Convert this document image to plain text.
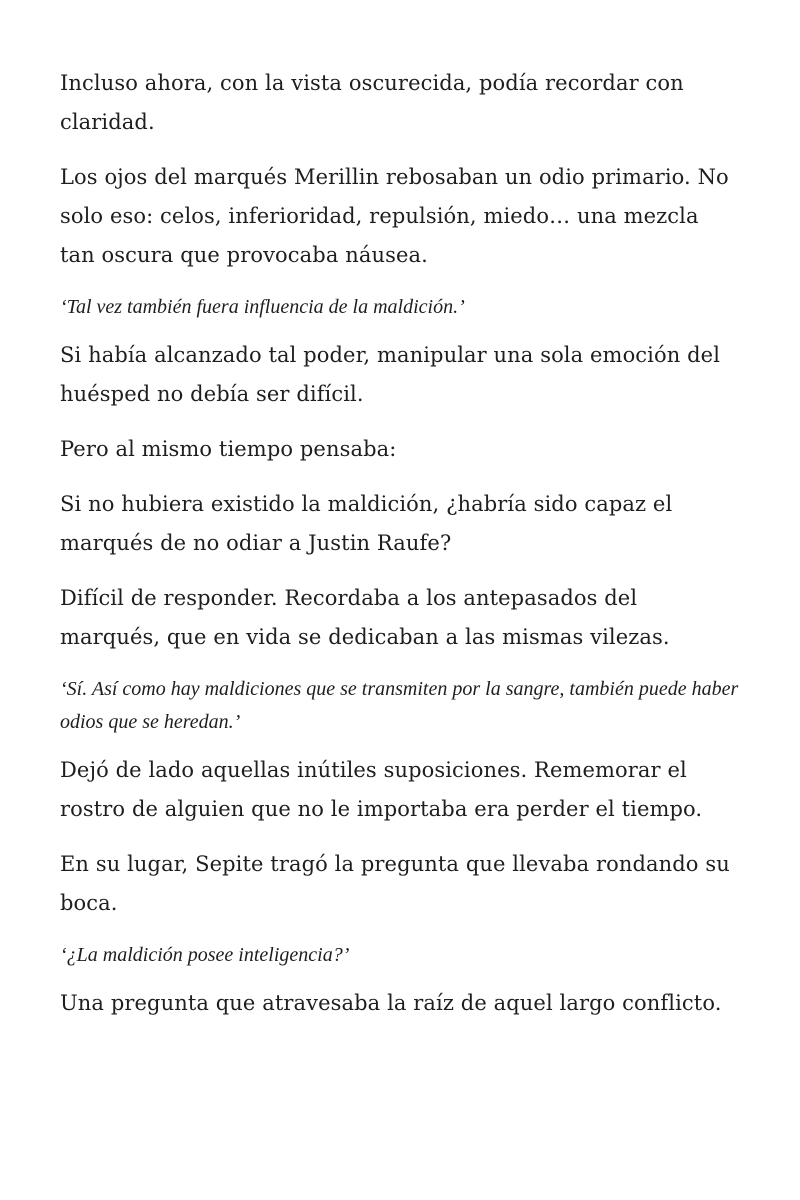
Incluso ahora, con la vista oscurecida, podía recordar con claridad.

Los ojos del marqués Merillin rebosaban un odio primario. No solo eso: celos, inferioridad, repulsión, miedo… una mezcla tan oscura que provocaba náusea.

‘Tal vez también fuera influencia de la maldición.’

Si había alcanzado tal poder, manipular una sola emoción del huésped no debía ser difícil.

Pero al mismo tiempo pensaba:

Si no hubiera existido la maldición, ¿habría sido capaz el marqués de no odiar a Justin Raufe?

Difícil de responder. Recordaba a los antepasados del marqués, que en vida se dedicaban a las mismas vilezas.

‘Sí. Así como hay maldiciones que se transmiten por la sangre, también puede haber odios que se heredan.’

Dejó de lado aquellas inútiles suposiciones. Rememorar el rostro de alguien que no le importaba era perder el tiempo.

En su lugar, Sepite tragó la pregunta que llevaba rondando su boca.

‘¿La maldición posee inteligencia?’

Una pregunta que atravesaba la raíz de aquel largo conflicto.
